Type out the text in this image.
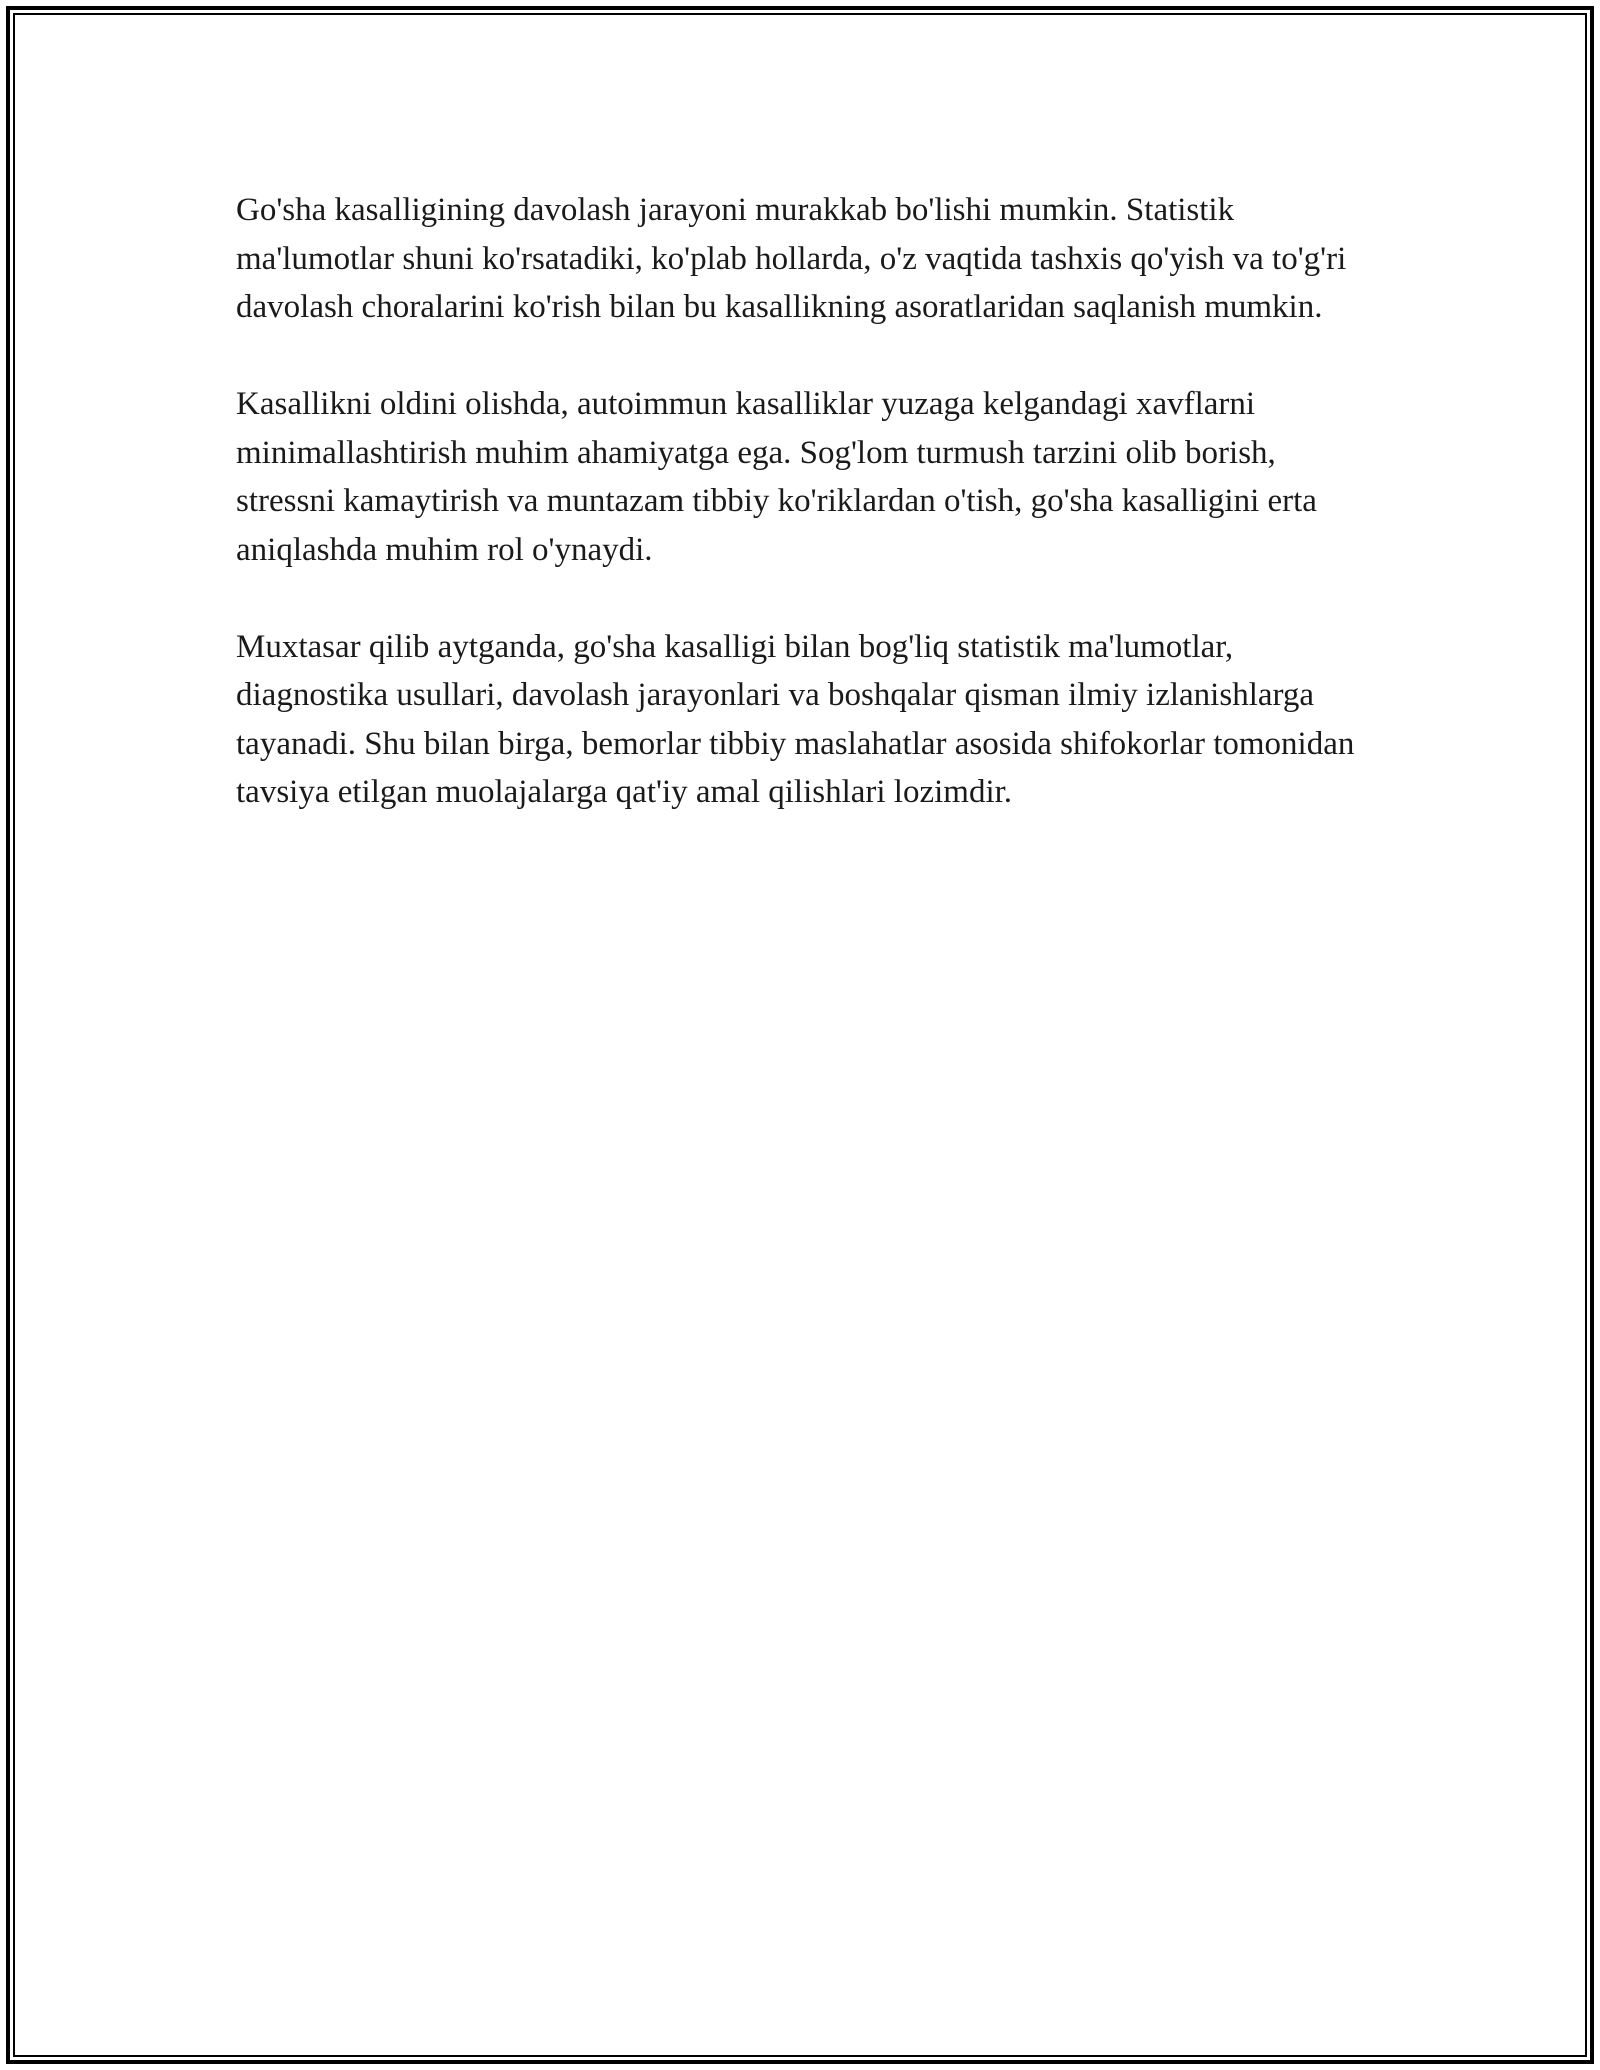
Go'sha kasalligining davolash jarayoni murakkab bo'lishi mumkin. Statistik ma'lumotlar shuni ko'rsatadiki, ko'plab hollarda, o'z vaqtida tashxis qo'yish va to'g'ri davolash choralarini ko'rish bilan bu kasallikning asoratlaridan saqlanish mumkin.

Kasallikni oldini olishda, autoimmun kasalliklar yuzaga kelgandagi xavflarni minimallashtirish muhim ahamiyatga ega. Sog'lom turmush tarzini olib borish, stressni kamaytirish va muntazam tibbiy ko'riklardan o'tish, go'sha kasalligini erta aniqlashda muhim rol o'ynaydi.

Muxtasar qilib aytganda, go'sha kasalligi bilan bog'liq statistik ma'lumotlar, diagnostika usullari, davolash jarayonlari va boshqalar qisman ilmiy izlanishlarga tayanadi. Shu bilan birga, bemorlar tibbiy maslahatlar asosida shifokorlar tomonidan tavsiya etilgan muolajalarga qat'iy amal qilishlari lozimdir.
